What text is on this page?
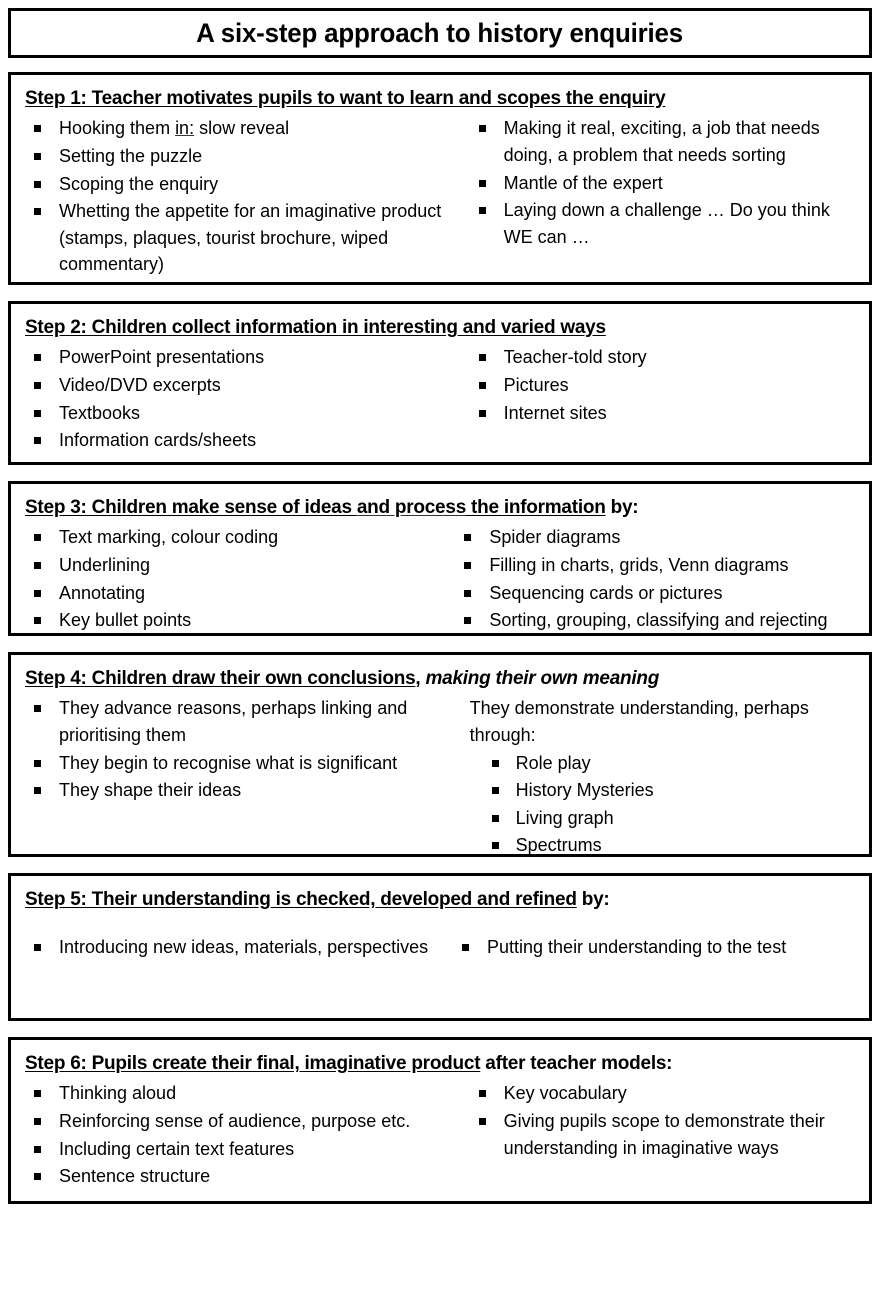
A six-step approach to history enquiries
Step 1: Teacher motivates pupils to want to learn and scopes the enquiry
Hooking them in: slow reveal
Setting the puzzle
Scoping the enquiry
Whetting the appetite for an imaginative product (stamps, plaques, tourist brochure, wiped commentary)
Making it real, exciting, a job that needs doing, a problem that needs sorting
Mantle of the expert
Laying down a challenge … Do you think WE can …
Step 2: Children collect information in interesting and varied ways
PowerPoint presentations
Video/DVD excerpts
Textbooks
Information cards/sheets
Teacher-told story
Pictures
Internet sites
Step 3: Children make sense of ideas and process the information by:
Text marking, colour coding
Underlining
Annotating
Key bullet points
Spider diagrams
Filling in charts, grids, Venn diagrams
Sequencing cards or pictures
Sorting, grouping, classifying and rejecting
Step 4: Children draw their own conclusions, making their own meaning
They advance reasons, perhaps linking and prioritising them
They begin to recognise what is significant
They shape their ideas
They demonstrate understanding, perhaps through:
Role play
History Mysteries
Living graph
Spectrums
Step 5: Their understanding is checked, developed and refined by:
Introducing new ideas, materials, perspectives	Putting their understanding to the test
Step 6: Pupils create their final, imaginative product after teacher models:
Thinking aloud
Reinforcing sense of audience, purpose etc.
Including certain text features
Sentence structure
Key vocabulary
Giving pupils scope to demonstrate their understanding in imaginative ways
